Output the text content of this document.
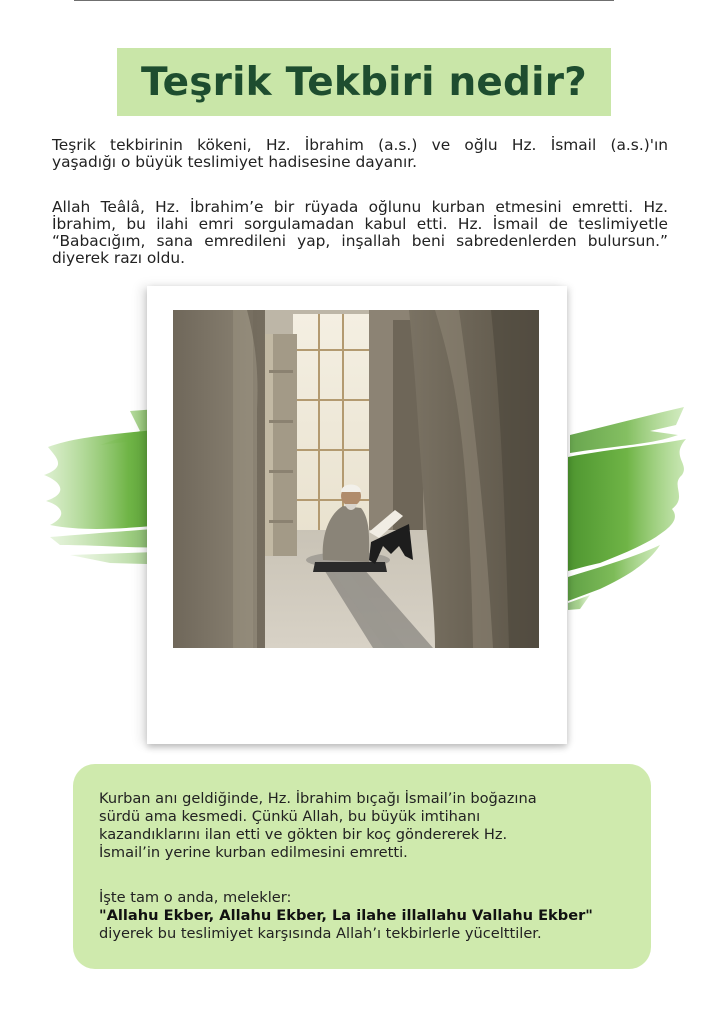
Teşrik Tekbiri nedir?

Teşrik tekbirinin kökeni, Hz. İbrahim (a.s.) ve oğlu Hz. İsmail (a.s.)'ın
yaşadığı o büyük teslimiyet hadisesine dayanır.

Allah Teâlâ, Hz. İbrahim’e bir rüyada oğlunu kurban etmesini emretti. Hz.
İbrahim, bu ilahi emri sorgulamadan kabul etti. Hz. İsmail de teslimiyetle
“Babacığım, sana emredileni yap, inşallah beni sabredenlerden bulursun.”
diyerek razı oldu.

Kurban anı geldiğinde, Hz. İbrahim bıçağı İsmail’in boğazına
sürdü ama kesmedi. Çünkü Allah, bu büyük imtihanı
kazandıklarını ilan etti ve gökten bir koç göndererek Hz.
İsmail’in yerine kurban edilmesini emretti.

İşte tam o anda, melekler:
"Allahu Ekber, Allahu Ekber, La ilahe illallahu Vallahu Ekber"
diyerek bu teslimiyet karşısında Allah’ı tekbirlerle yücelttiler.
